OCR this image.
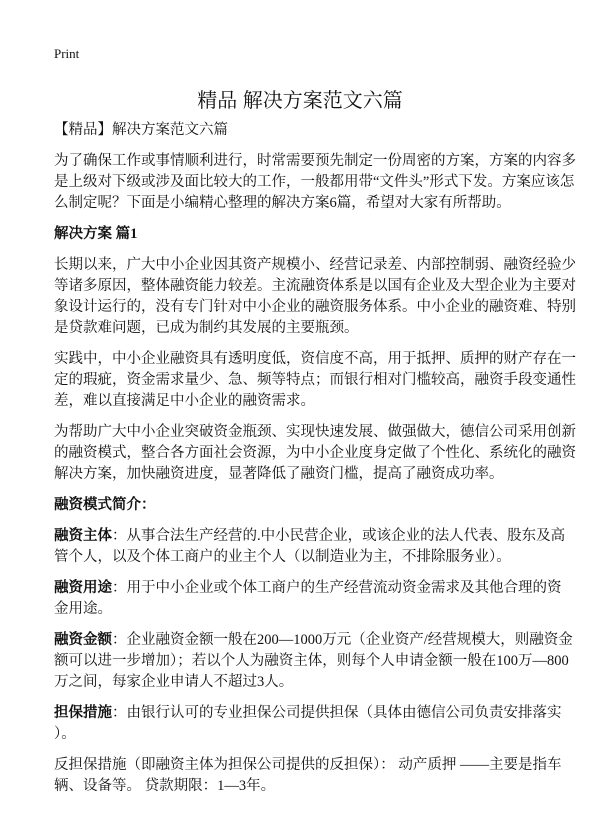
Print
精品 解决方案范文六篇
【精品】解决方案范文六篇
为了确保工作或事情顺利进行，时常需要预先制定一份周密的方案，方案的内容多
是上级对下级或涉及面比较大的工作，一般都用带“文件头”形式下发。方案应该怎
么制定呢？下面是小编精心整理的解决方案6篇，希望对大家有所帮助。
解决方案 篇1
长期以来，广大中小企业因其资产规模小、经营记录差、内部控制弱、融资经验少
等诸多原因，整体融资能力较差。主流融资体系是以国有企业及大型企业为主要对
象设计运行的，没有专门针对中小企业的融资服务体系。中小企业的融资难、特别
是贷款难问题，已成为制约其发展的主要瓶颈。
实践中，中小企业融资具有透明度低，资信度不高，用于抵押、质押的财产存在一
定的瑕疵，资金需求量少、急、频等特点；而银行相对门槛较高，融资手段变通性
差，难以直接满足中小企业的融资需求。
为帮助广大中小企业突破资金瓶颈、实现快速发展、做强做大，德信公司采用创新
的融资模式，整合各方面社会资源，为中小企业度身定做了个性化、系统化的融资
解决方案，加快融资进度，显著降低了融资门槛，提高了融资成功率。
融资模式简介：
融资主体：从事合法生产经营的.中小民营企业，或该企业的法人代表、股东及高
管个人，以及个体工商户的业主个人（以制造业为主，不排除服务业）。
融资用途：用于中小企业或个体工商户的生产经营流动资金需求及其他合理的资
金用途。
融资金额：企业融资金额一般在200—1000万元（企业资产/经营规模大，则融资金
额可以进一步增加）；若以个人为融资主体，则每个人申请金额一般在100万—800
万之间，每家企业申请人不超过3人。
担保措施：由银行认可的专业担保公司提供担保（具体由德信公司负责安排落实
）。
反担保措施（即融资主体为担保公司提供的反担保）： 动产质押 ——主要是指车
辆、设备等。 贷款期限：1—3年。
